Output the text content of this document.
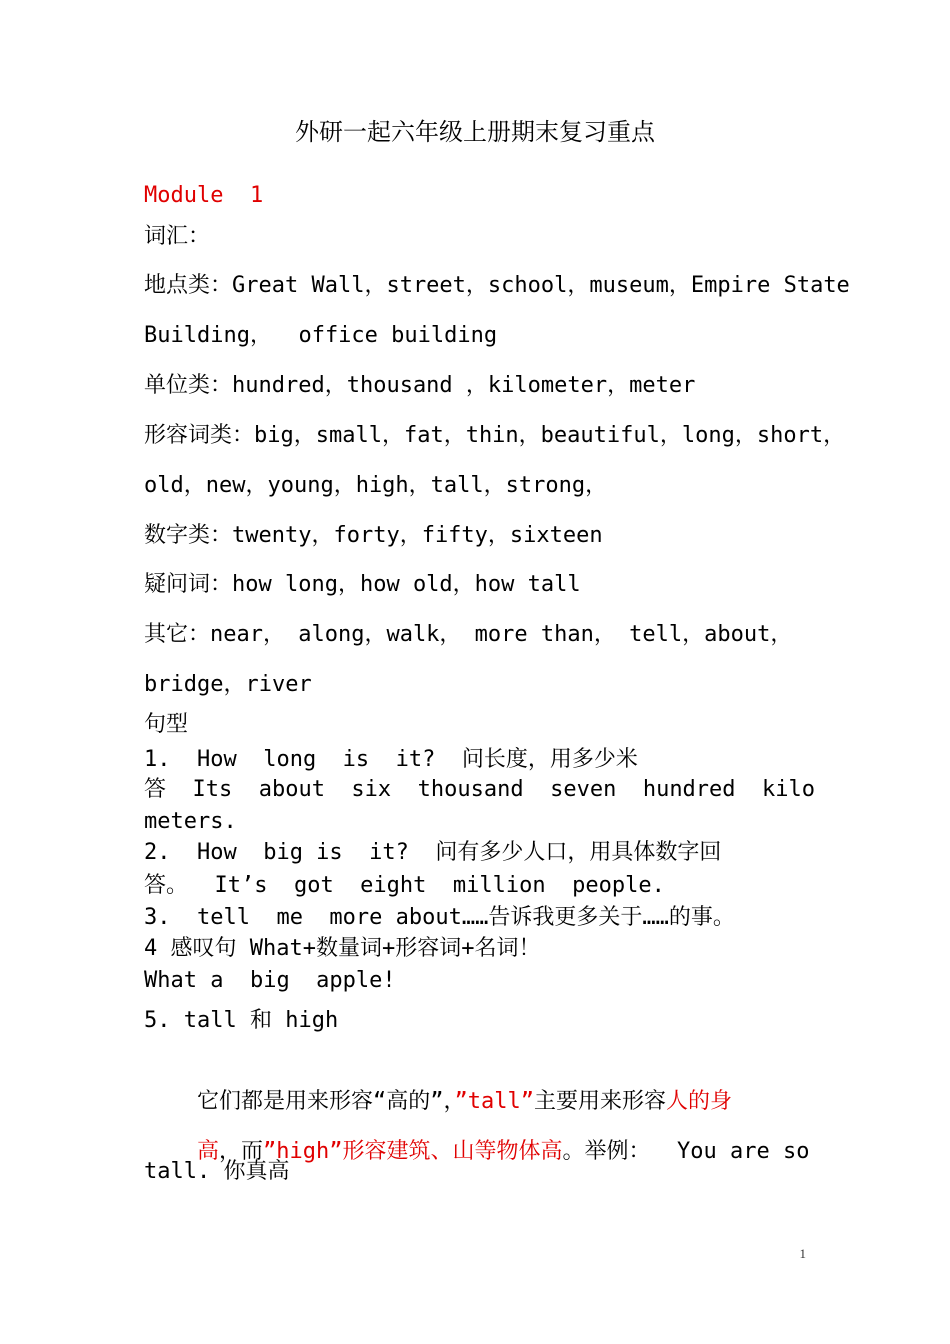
外研一起六年级上册期末复习重点
Module  1
词汇：
地点类：Great Wall，street，school，museum，Empire State
Building，  office building
单位类：hundred，thousand ，kilometer，meter
形容词类：big，small，fat，thin，beautiful，long，short，
old，new，young，high，tall，strong，
数字类：twenty，forty，fifty，sixteen
疑问词：how long，how old，how tall
其它：near， along，walk， more than， tell，about，
bridge，river
句型
1.  How  long  is  it?  问长度，用多少米
答  Its  about  six  thousand  seven  hundred  kilo
meters.
2.  How  big is  it?  问有多少人口，用具体数字回
答。  It’s  got  eight  million  people.
3.  tell  me  more about……告诉我更多关于……的事。
4 感叹句 What+数量词+形容词+名词！
What a  big  apple!
5. tall 和 high

它们都是用来形容“高的”，”tall”主要用来形容人的身

高，而”high”形容建筑、山等物体高。举例：  You are so

tall. 你真高
1
